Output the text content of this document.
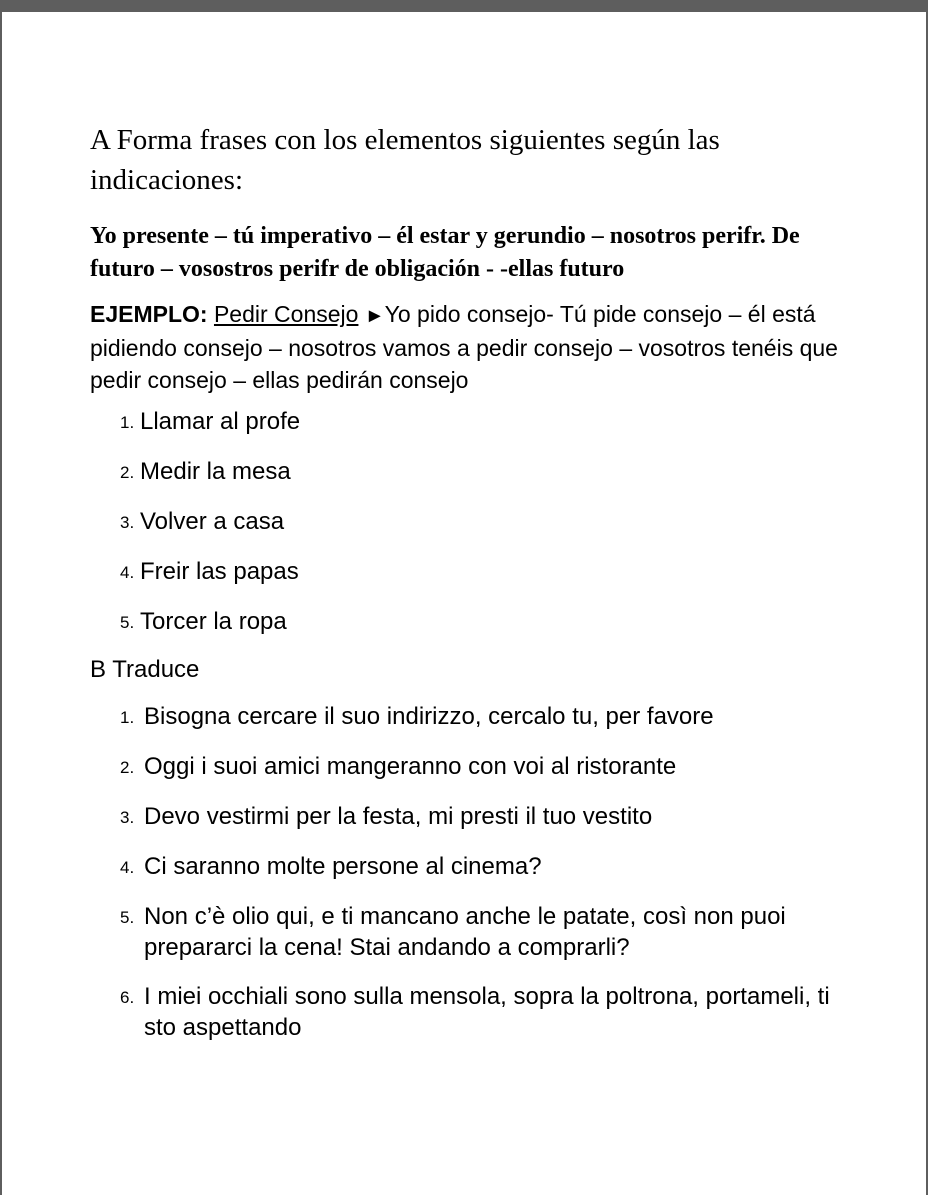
A Forma frases con los elementos siguientes según las indicaciones:

Yo presente – tú imperativo – él estar y gerundio – nosotros perifr. De futuro – vosostros perifr de obligación - -ellas futuro

EJEMPLO: Pedir Consejo ►Yo pido consejo- Tú pide consejo – él está pidiendo consejo – nosotros vamos a pedir consejo – vosotros tenéis que pedir consejo – ellas pedirán consejo

1. Llamar al profe
2. Medir la mesa
3. Volver a casa
4. Freir las papas
5. Torcer la ropa

B Traduce

1. Bisogna cercare il suo indirizzo, cercalo tu, per favore
2. Oggi i suoi amici mangeranno con voi al ristorante
3. Devo vestirmi per la festa, mi presti il tuo vestito
4. Ci saranno molte persone al cinema?
5. Non c’è olio qui, e ti mancano anche le patate, così non puoi prepararci la cena! Stai andando a comprarli?
6. I miei occhiali sono sulla mensola, sopra la poltrona, portameli, ti sto aspettando
